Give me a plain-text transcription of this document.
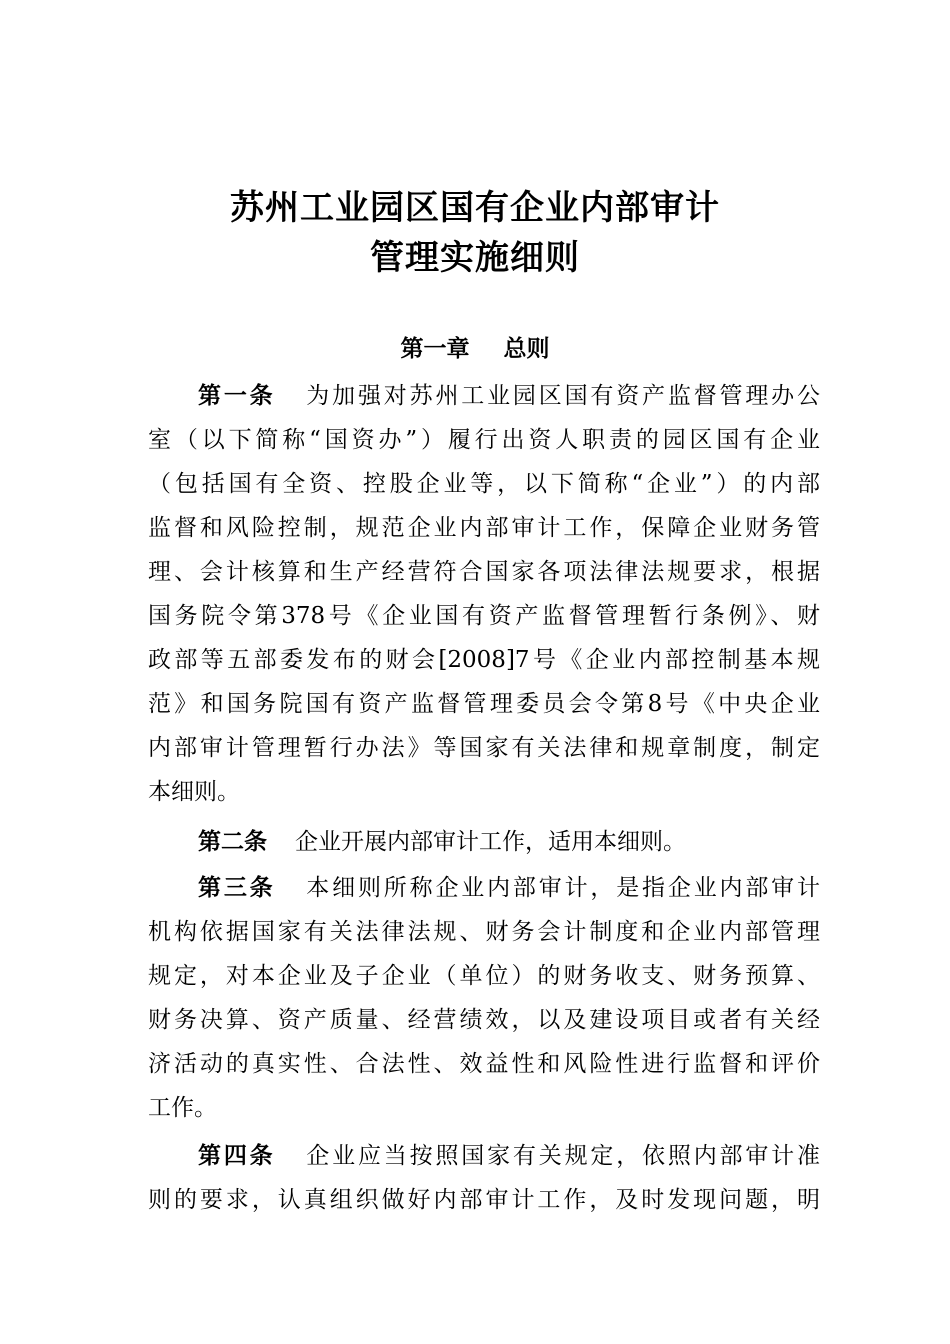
苏州工业园区国有企业内部审计
管理实施细则
第一章 总则
第一条 为加强对苏州工业园区国有资产监督管理办公
室（以下简称“国资办”）履行出资人职责的园区国有企业
（包括国有全资、控股企业等，以下简称“企业”）的内部
监督和风险控制，规范企业内部审计工作，保障企业财务管
理、会计核算和生产经营符合国家各项法律法规要求，根据
国务院令第378号《企业国有资产监督管理暂行条例》、财
政部等五部委发布的财会[2008]7号《企业内部控制基本规
范》和国务院国有资产监督管理委员会令第8号《中央企业
内部审计管理暂行办法》等国家有关法律和规章制度，制定
本细则。
第二条 企业开展内部审计工作，适用本细则。
第三条 本细则所称企业内部审计，是指企业内部审计
机构依据国家有关法律法规、财务会计制度和企业内部管理
规定，对本企业及子企业（单位）的财务收支、财务预算、
财务决算、资产质量、经营绩效，以及建设项目或者有关经
济活动的真实性、合法性、效益性和风险性进行监督和评价
工作。
第四条 企业应当按照国家有关规定，依照内部审计准
则的要求，认真组织做好内部审计工作，及时发现问题，明
